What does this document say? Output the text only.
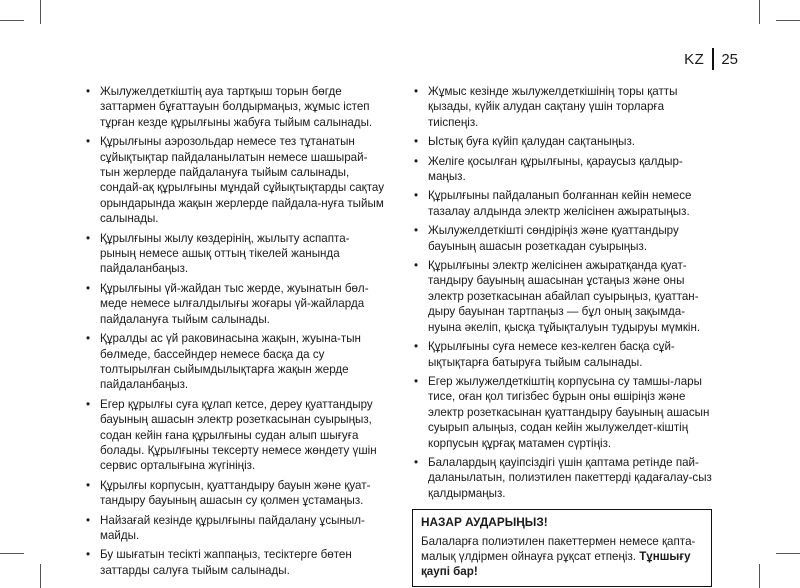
KZ	25
• Жылужелдеткіштің ауа тартқыш торын бөгде заттармен бұғаттауын болдырмаңыз, жұмыс істеп тұрған кезде құрылғыны жабуға тыйым салынады.
• Құрылғыны аэрозольдар немесе тез тұтанатын сұйықтықтар пайдаланылатын немесе шашырай-тын жерлерде пайдалануға тыйым салынады, сондай-ақ құрылғыны мұндай сұйықтықтарды сақтау орындарында жақын жерлерде пайдала-нуға тыйым салынады.
• Құрылғыны жылу көздерінің, жылыту аспапта-рының немесе ашық оттың тікелей жанында пайдаланбаңыз.
• Құрылғыны үй-жайдан тыс жерде, жуынатын бөл-меде немесе ылғалдылығы жоғары үй-жайларда пайдалануға тыйым салынады.
• Құралды ас үй раковинасына жақын, жуына-тын бөлмеде, бассейндер немесе басқа да су толтырылған сыйымдылықтарға жақын жерде пайдаланбаңыз.
• Егер құрылғы суға құлап кетсе, дереу қуаттандыру бауының ашасын электр розеткасынан суырыңыз, содан кейін ғана құрылғыны судан алып шығуға болады. Құрылғыны тексерту немесе жөндету үшін сервис орталығына жүгініңіз.
• Құрылғы корпусын, қуаттандыру бауын және қуат-тандыру бауының ашасын су қолмен ұстамаңыз.
• Найзағай кезінде құрылғыны пайдалану ұсыныл-майды.
• Бу шығатын тесікті жаппаңыз, тесіктерге бөтен заттарды салуға тыйым салынады.
• Жұмыс кезінде жылужелдеткішінің торы қатты қызады, күйік алудан сақтану үшін торларға тиіспеңіз.
• Ыстық буға күйіп қалудан сақтаныңыз.
• Желіге қосылған құрылғыны, қараусыз қалдыр-маңыз.
• Құрылғыны пайдаланып болғаннан кейін немесе тазалау алдында электр желісінен ажыратыңыз.
• Жылужелдеткішті сөндіріңіз және қуаттандыру бауының ашасын розеткадан суырыңыз.
• Құрылғыны электр желісінен ажыратқанда қуат-тандыру бауының ашасынан ұстаңыз және оны электр розеткасынан абайлап суырыңыз, қуаттан-дыру бауынан тартпаңыз — бұл оның зақымда-нуына әкеліп, қысқа тұйықталуын тудыруы мүмкін.
• Құрылғыны суға немесе кез-келген басқа сұй-ықтықтарға батыруға тыйым салынады.
• Егер жылужелдеткіштің корпусына су тамшы-лары тисе, оған қол тигізбес бұрын оны өшіріңіз және электр розеткасынан қуаттандыру бауының ашасын суырып алыңыз, содан кейін жылужелдет-кіштің корпусын құрғақ матамен сүртіңіз.
• Балалардың қауіпсіздігі үшін қаптама ретінде пай-даланылатын, полиэтилен пакеттерді қадағалау-сыз қалдырмаңыз.
НАЗАР АУДАРЫҢЫЗ!
Балаларға полиэтилен пакеттермен немесе қаптa-малық үлдірмен ойнауға рұқсат етпеңіз. Тұншығу қаупі бар!
